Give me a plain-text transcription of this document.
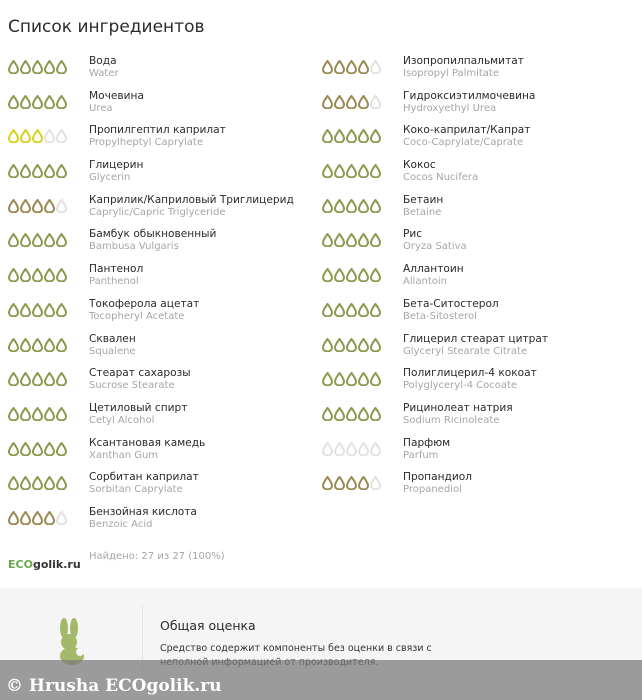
Список ингредиентов
Вода
Water
Изопропилпальмитат
Isopropyl Palmitate
Мочевина
Urea
Гидроксиэтилмочевина
Hydroxyethyl Urea
Пропилгептил каприлат
Propylheptyl Caprylate
Коко-каприлат/Капрат
Coco-Caprylate/Caprate
Глицерин
Glycerin
Кокос
Cocos Nucifera
Каприлик/Каприловый Триглицерид
Caprylic/Capric Triglyceride
Бетаин
Betaine
Бамбук обыкновенный
Bambusa Vulgaris
Рис
Oryza Sativa
Пантенол
Panthenol
Аллантоин
Allantoin
Токоферола ацетат
Tocopheryl Acetate
Бета-Ситостерол
Beta-Sitosterol
Сквален
Squalene
Глицерил стеарат цитрат
Glyceryl Stearate Citrate
Стеарат сахарозы
Sucrose Stearate
Полиглицерил-4 кокоат
Polyglyceryl-4 Cocoate
Цетиловый спирт
Cetyl Alcohol
Рицинолеат натрия
Sodium Ricinoleate
Ксантановая камедь
Xanthan Gum
Парфюм
Parfum
Сорбитан каприлат
Sorbitan Caprylate
Пропандиол
Propanediol
Бензойная кислота
Benzoic Acid
ECO golik.ru
Найдено: 27 из 27 (100%)
Общая оценка
Средство содержит компоненты без оценки в связи с
© Hrusha ECOgolik.ru
